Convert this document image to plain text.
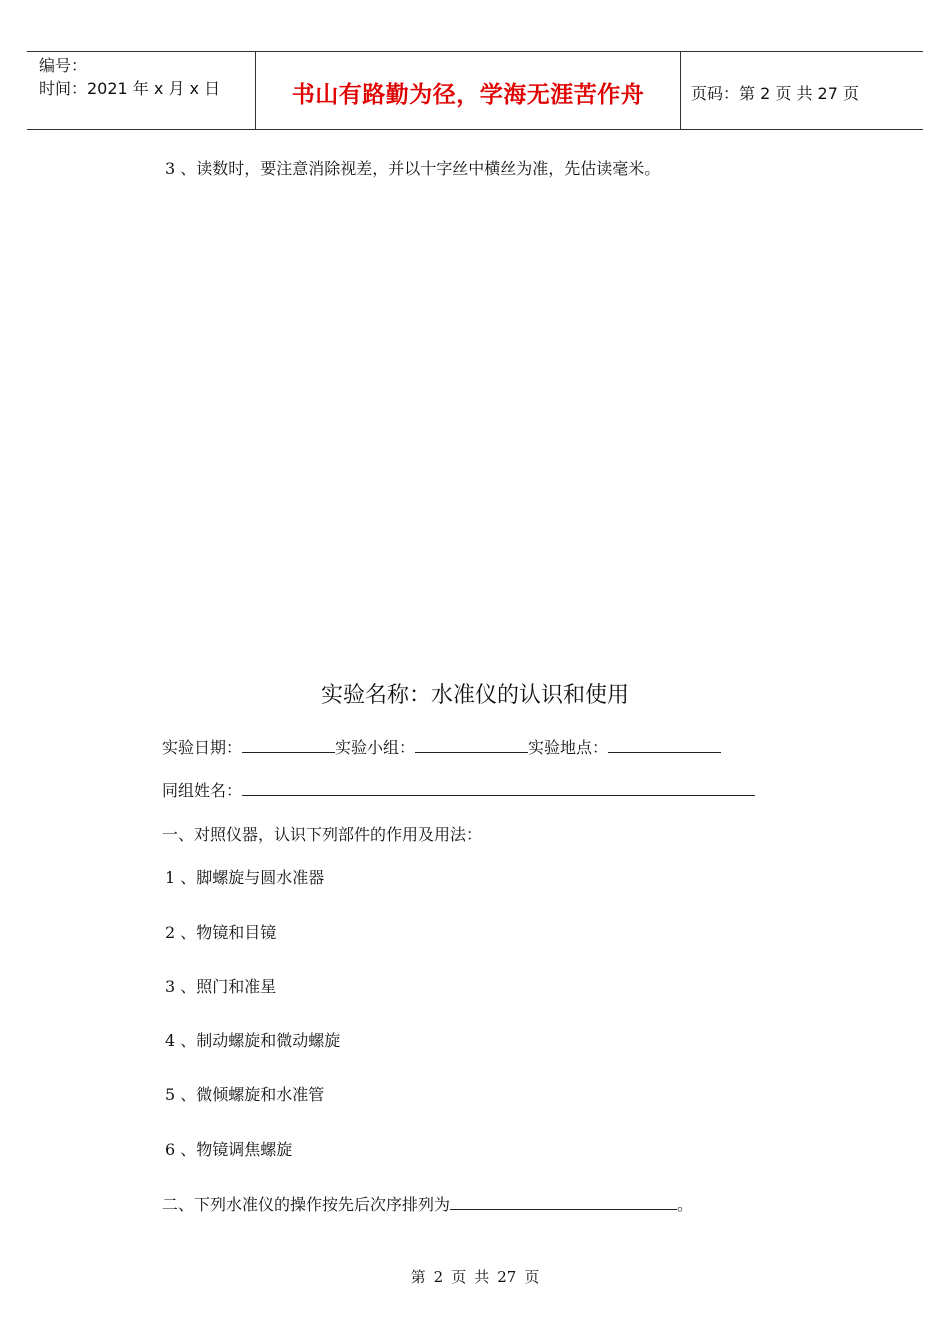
编号：
时间：2021 年 x 月 x 日	书山有路勤为径，学海无涯苦作舟	页码：第 2 页 共 27 页
3 、读数时，要注意消除视差，并以十字丝中横丝为准，先估读毫米。
实验名称：水准仪的认识和使用
实验日期：	实验小组：	实验地点：
同组姓名：
一、对照仪器，认识下列部件的作用及用法：
1 、脚螺旋与圆水准器
2 、物镜和目镜
3 、照门和准星
4 、制动螺旋和微动螺旋
5 、微倾螺旋和水准管
6 、物镜调焦螺旋
二、下列水准仪的操作按先后次序排列为	。
第 2 页 共 27 页
